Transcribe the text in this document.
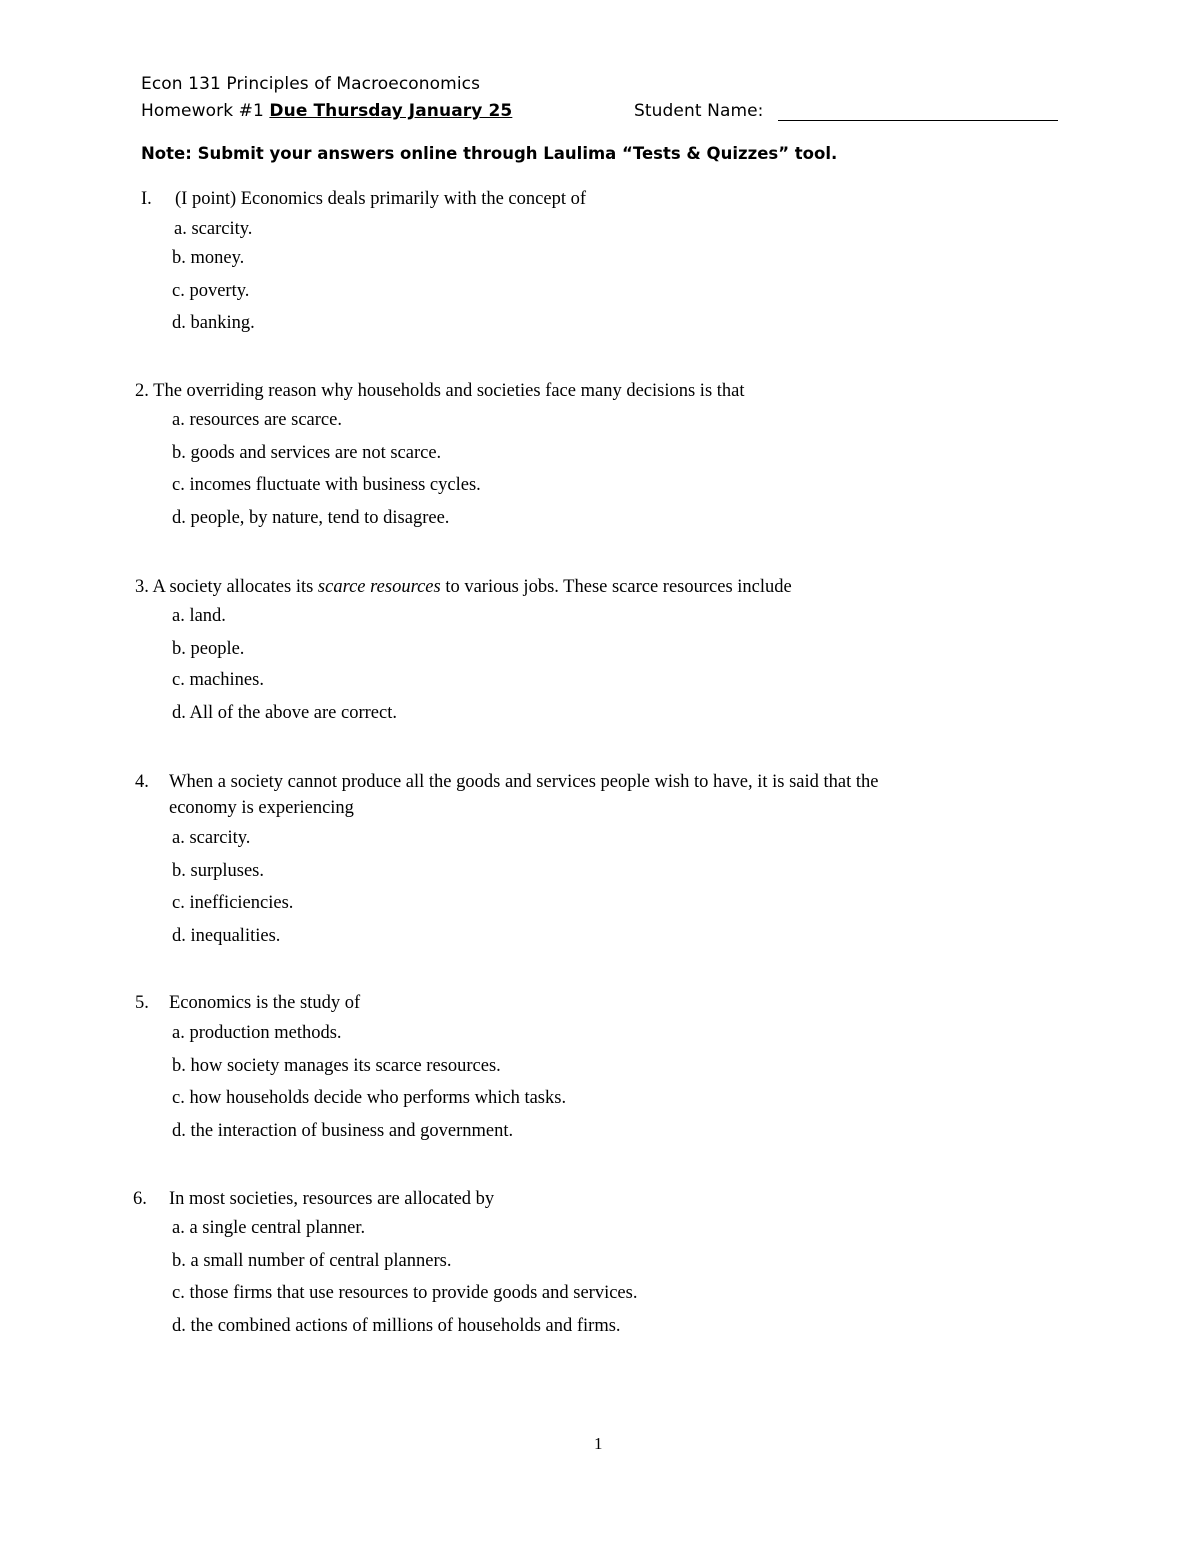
Econ 131 Principles of Macroeconomics
Homework #1 Due Thursday January 25	Student Name:
Note: Submit your answers online through Laulima “Tests & Quizzes” tool.
I. (I point) Economics deals primarily with the concept of
a. scarcity.
b. money.
c. poverty.
d. banking.
2. The overriding reason why households and societies face many decisions is that
a. resources are scarce.
b. goods and services are not scarce.
c. incomes fluctuate with business cycles.
d. people, by nature, tend to disagree.
3. A society allocates its scarce resources to various jobs. These scarce resources include
a. land.
b. people.
c. machines.
d. All of the above are correct.
4. When a society cannot produce all the goods and services people wish to have, it is said that the
economy is experiencing
a. scarcity.
b. surpluses.
c. inefficiencies.
d. inequalities.
5. Economics is the study of
a. production methods.
b. how society manages its scarce resources.
c. how households decide who performs which tasks.
d. the interaction of business and government.
6. In most societies, resources are allocated by
a. a single central planner.
b. a small number of central planners.
c. those firms that use resources to provide goods and services.
d. the combined actions of millions of households and firms.
1
